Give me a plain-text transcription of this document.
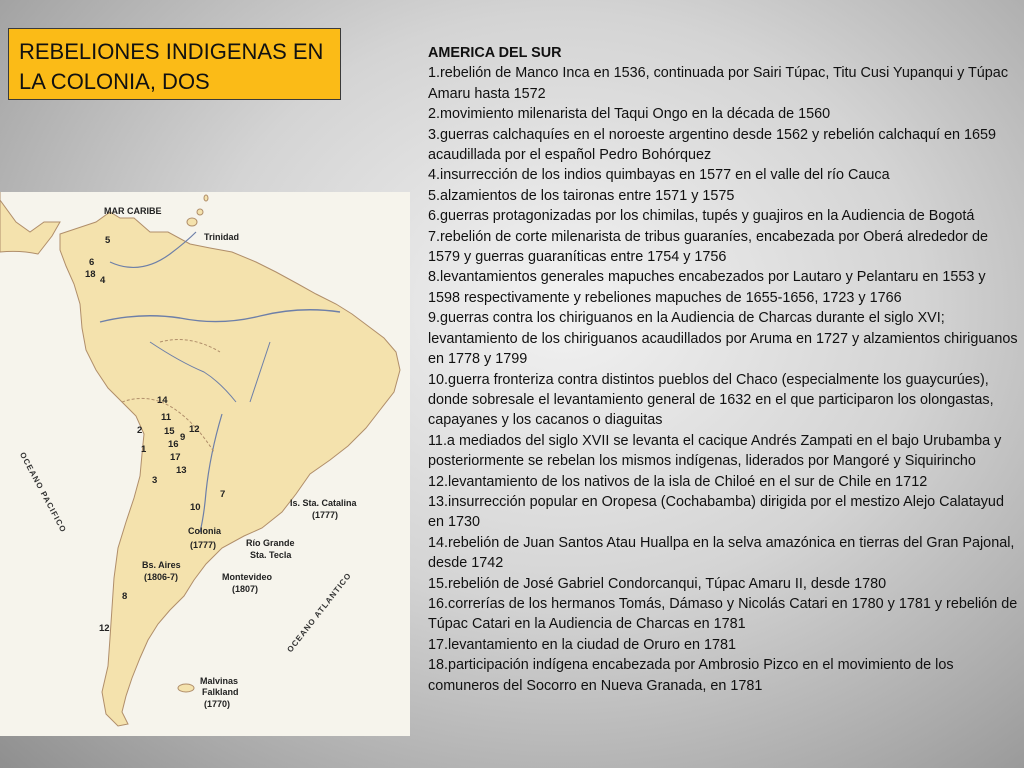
REBELIONES INDIGENAS EN LA COLONIA, DOS
AMERICA DEL SUR
1.rebelión de Manco Inca en 1536, continuada por Sairi Túpac, Titu Cusi Yupanqui y Túpac Amaru hasta 1572
2.movimiento milenarista del Taqui Ongo en la década de 1560
3.guerras calchaquíes en el noroeste argentino desde 1562 y rebelión calchaquí en 1659 acaudillada por el español Pedro Bohórquez
4.insurrección de los indios quimbayas en 1577 en el valle del río Cauca
5.alzamientos de los taironas entre 1571 y 1575
6.guerras protagonizadas por los chimilas, tupés y guajiros en la Audiencia de Bogotá
7.rebelión de corte milenarista de tribus guaraníes, encabezada por Oberá alrededor de 1579 y guerras guaraníticas entre 1754 y 1756
8.levantamientos generales mapuches encabezados por Lautaro y Pelantaru en 1553 y 1598 respectivamente y rebeliones mapuches de 1655-1656, 1723 y 1766
9.guerras contra los chiriguanos en la Audiencia de Charcas durante el siglo XVI; levantamiento de los chiriguanos acaudillados por Aruma en 1727 y alzamientos chiriguanos en 1778 y 1799
10.guerra fronteriza contra distintos pueblos del Chaco (especialmente los guaycurúes), donde sobresale el levantamiento general de 1632 en el que participaron los olongastas, capayanes y los cacanos o diaguitas
11.a mediados del siglo XVII se levanta el cacique Andrés Zampati en el bajo Urubamba y posteriormente se rebelan los mismos indígenas, liderados por Mangoré y Siquirincho
12.levantamiento de los nativos de la isla de Chiloé en el sur de Chile en 1712
13.insurrección popular en Oropesa (Cochabamba) dirigida por el mestizo Alejo Calatayud en 1730
14.rebelión de Juan Santos Atau Huallpa en la selva amazónica en tierras del Gran Pajonal, desde 1742
15.rebelión de José Gabriel Condorcanqui, Túpac Amaru II, desde 1780
16.correrías de los hermanos Tomás, Dámaso y Nicolás Catari en 1780 y 1781 y rebelión de Túpac Catari en la Audiencia de Charcas en 1781
17.levantamiento en la ciudad de Oruro en 1781
18.participación indígena encabezada por Ambrosio Pizco en el movimiento de los comuneros del Socorro en Nueva Granada, en 1781
MAR CARIBE
Trinidad
OCEANO PACIFICO
OCEANO ATLANTICO
Is. Sta. Catalina
(1777)
Colonia
(1777)	Río Grande
Sta. Tecla
Bs. Aires
(1806-7)	Montevideo
(1807)
Malvinas
Falkland
(1770)
5
6
18
4
14
11
15
16
9
17
13
12
3
2
7
10
1
8
12
